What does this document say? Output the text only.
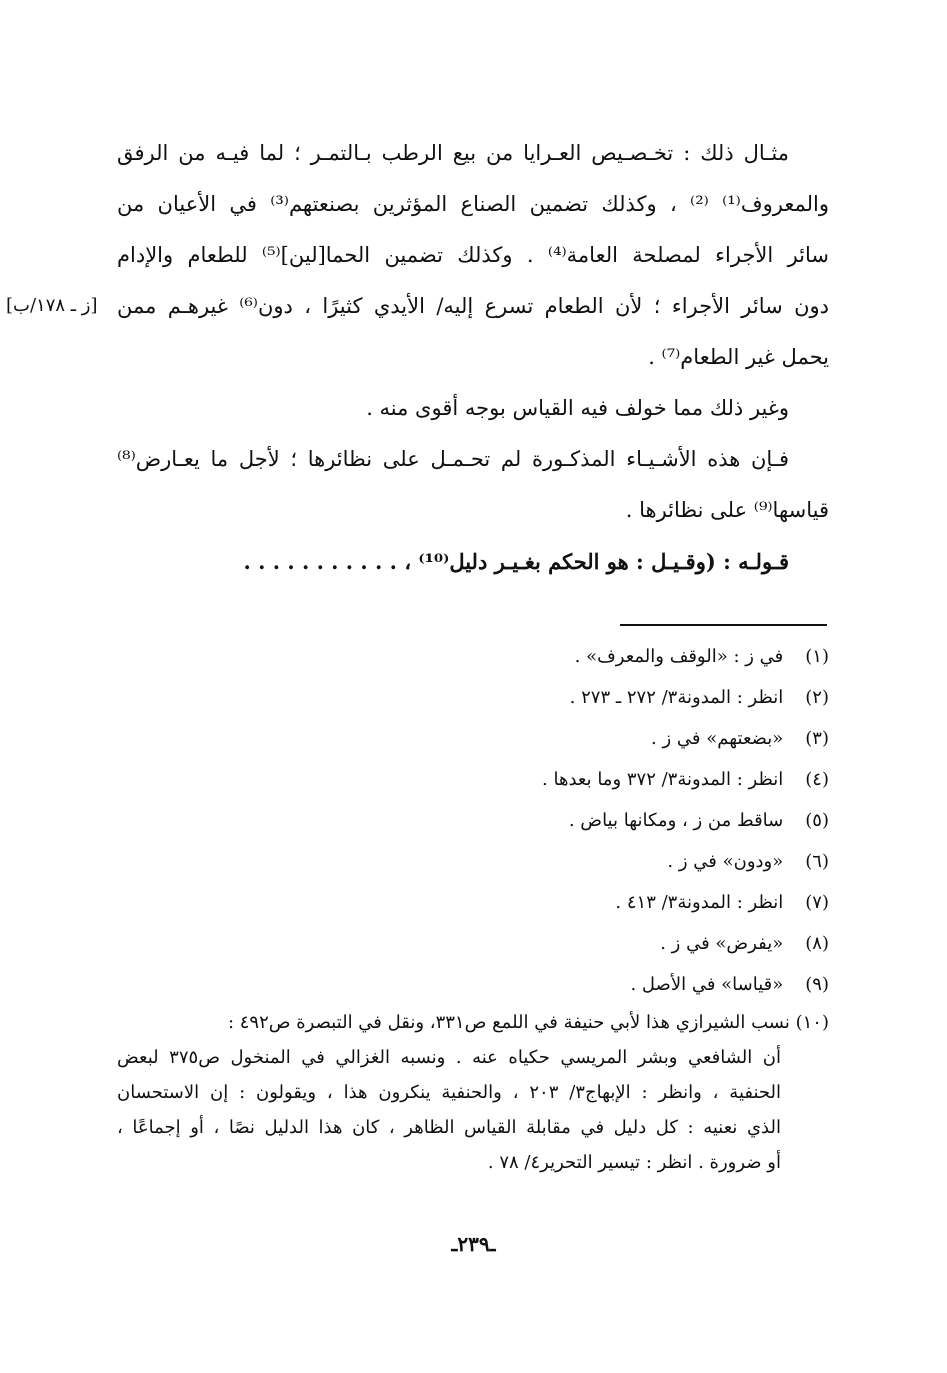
مثـال ذلك : تخـصـيص العـرايا من بيع الرطب بـالتمـر ؛ لما فيـه من الرفق
والمعروف⁽¹⁾ ⁽²⁾ ، وكذلك تضمين الصناع المؤثرين بصنعتهم⁽³⁾ في الأعيان من
سائر الأجراء لمصلحة العامة⁽⁴⁾ . وكذلك تضمين الحما[لين]⁽⁵⁾ للطعام والإدام
دون سائر الأجراء ؛ لأن الطعام تسرع إليه/ الأيدي كثيرًا ، دون⁽⁶⁾ غيرهـم ممن
يحمل غير الطعام⁽⁷⁾ .
وغير ذلك مما خولف فيه القياس بوجه أقوى منه .
فـإن هذه الأشـيـاء المذكـورة لم تحـمـل على نظائرها ؛ لأجل ما يعـارض⁽⁸⁾
قياسها⁽⁹⁾ على نظائرها .
قـولـه : (وقـيـل : هو الحكم بغـيـر دليل⁽¹⁰⁾ ، . . . . . . . . . . .
[ز ـ ١٧٨/ب]
(١) في ز : «الوقف والمعرف» .
(٢) انظر : المدونة٣/ ٢٧٢ ـ ٢٧٣ .
(٣) «بضعتهم» في ز .
(٤) انظر : المدونة٣/ ٣٧٢ وما بعدها .
(٥) ساقط من ز ، ومكانها بياض .
(٦) «ودون» في ز .
(٧) انظر : المدونة٣/ ٤١٣ .
(٨) «يفرض» في ز .
(٩) «قياسا» في الأصل .
(١٠) نسب الشيرازي هذا لأبي حنيفة في اللمع ص٣٣١، ونقل في التبصرة ص٤٩٢ :
أن الشافعي وبشر المريسي حكياه عنه . ونسبه الغزالي في المنخول ص٣٧٥ لبعض
الحنفية ، وانظر : الإبهاج٣/ ٢٠٣ ، والحنفية ينكرون هذا ، ويقولون : إن الاستحسان
الذي نعنيه : كل دليل في مقابلة القياس الظاهر ، كان هذا الدليل نصًا ، أو إجماعًا ،
أو ضرورة . انظر : تيسير التحرير٤/ ٧٨ .
ـ٢٣٩ـ
